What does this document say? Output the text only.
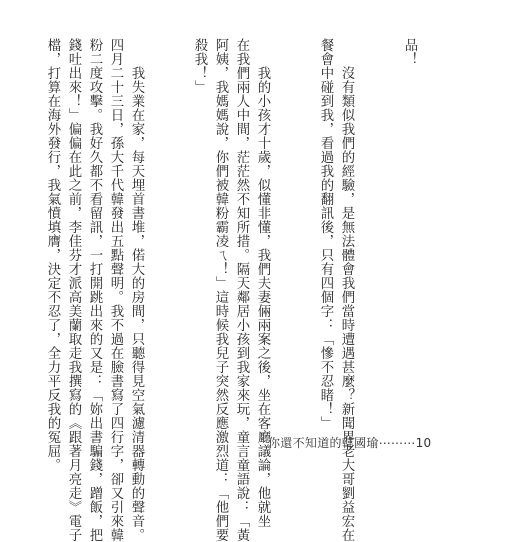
品！

　　沒有類似我們的經驗，是無法體會我們當時遭遇甚麼？新聞界老大哥劉益宏在
餐會中碰到我，看過我的翻訊後，只有四個字：「慘不忍睹！」

　　我的小孩才十歲，似懂非懂，我們夫妻倆兩案之後，坐在客廳議論，他就坐
在我們兩人中間，茫茫然不知所措。隔天鄰居小孩到我家來玩，童言童語說：「黃
阿姨，我媽媽說，你們被韓粉霸凌ㄟ！」這時候我兒子突然反應激烈道：「他們要
殺我！」

　　我失業在家，每天埋首書堆，偌大的房間，只聽得見空氣濾清器轉動的聲音。
四月二十三日，孫大千代韓發出五點聲明。我不過在臉書寫了四行字，卻又引來韓
粉二度攻擊。我好久都不看留訊，一打開跳出來的又是：「妳出書騙錢，蹭飯，把
錢吐出來！」偏偏在此之前，李佳芬才派高美蘭取走我撰寫的《跟著月亮走》電子
檔，打算在海外發行，我氣憤填膺，決定不忍了，全力平反我的冤屈。

	你還不知道的韓國瑜⋯⋯⋯10
